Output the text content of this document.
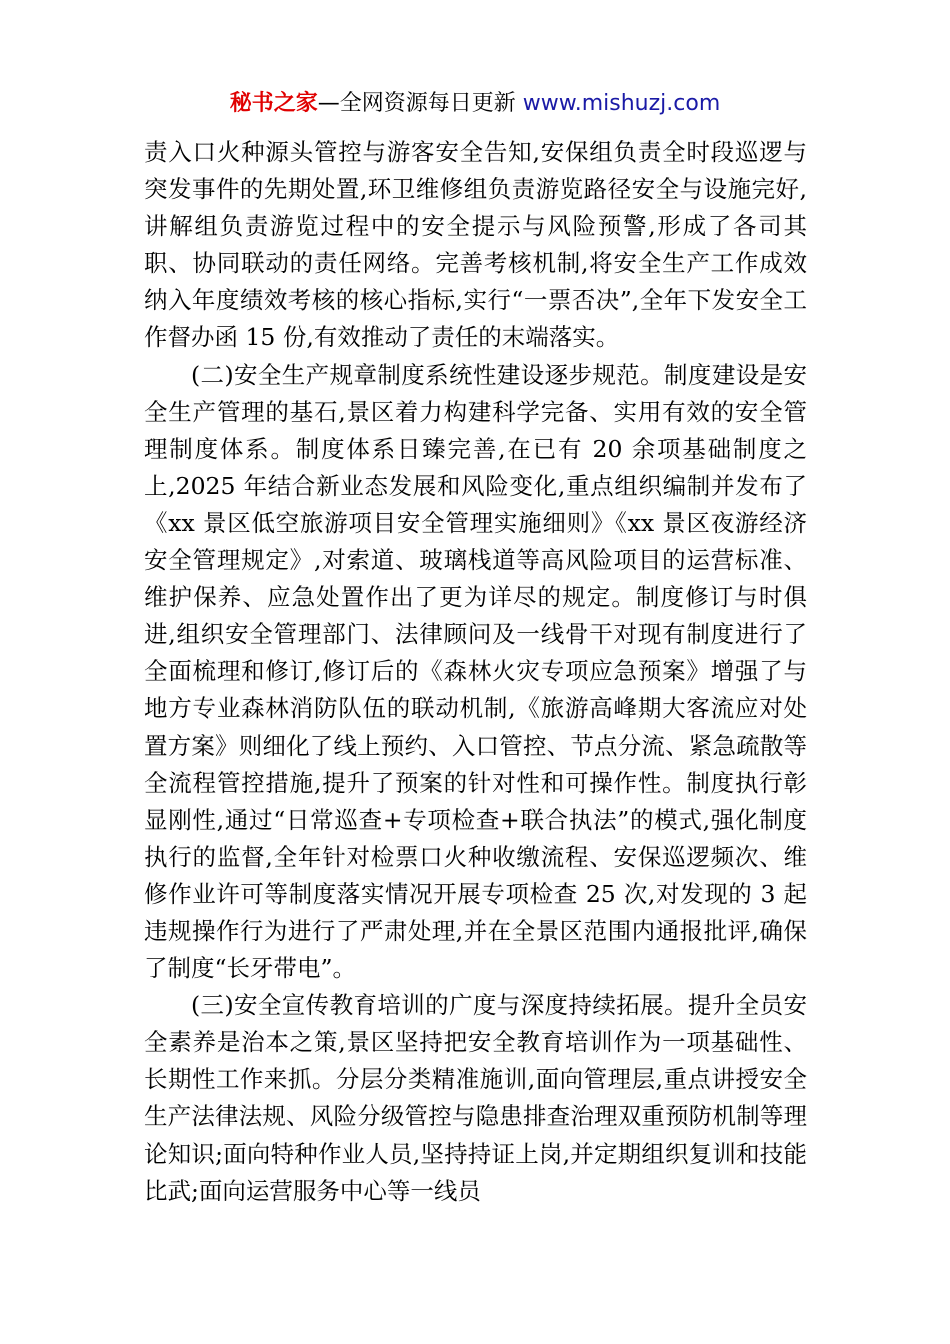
秘书之家—全网资源每日更新 www.mishuzj.com

责入口火种源头管控与游客安全告知,安保组负责全时段巡逻与突发事件的先期处置,环卫维修组负责游览路径安全与设施完好,讲解组负责游览过程中的安全提示与风险预警,形成了各司其职、协同联动的责任网络。完善考核机制,将安全生产工作成效纳入年度绩效考核的核心指标,实行“一票否决”,全年下发安全工作督办函 15 份,有效推动了责任的末端落实。

(二)安全生产规章制度系统性建设逐步规范。制度建设是安全生产管理的基石,景区着力构建科学完备、实用有效的安全管理制度体系。制度体系日臻完善,在已有 20 余项基础制度之上,2025 年结合新业态发展和风险变化,重点组织编制并发布了《xx 景区低空旅游项目安全管理实施细则》《xx 景区夜游经济安全管理规定》,对索道、玻璃栈道等高风险项目的运营标准、维护保养、应急处置作出了更为详尽的规定。制度修订与时俱进,组织安全管理部门、法律顾问及一线骨干对现有制度进行了全面梳理和修订,修订后的《森林火灾专项应急预案》增强了与地方专业森林消防队伍的联动机制,《旅游高峰期大客流应对处置方案》则细化了线上预约、入口管控、节点分流、紧急疏散等全流程管控措施,提升了预案的针对性和可操作性。制度执行彰显刚性,通过“日常巡查+专项检查+联合执法”的模式,强化制度执行的监督,全年针对检票口火种收缴流程、安保巡逻频次、维修作业许可等制度落实情况开展专项检查 25 次,对发现的 3 起违规操作行为进行了严肃处理,并在全景区范围内通报批评,确保了制度“长牙带电”。

(三)安全宣传教育培训的广度与深度持续拓展。提升全员安全素养是治本之策,景区坚持把安全教育培训作为一项基础性、长期性工作来抓。分层分类精准施训,面向管理层,重点讲授安全生产法律法规、风险分级管控与隐患排查治理双重预防机制等理论知识;面向特种作业人员,坚持持证上岗,并定期组织复训和技能比武;面向运营服务中心等一线员
